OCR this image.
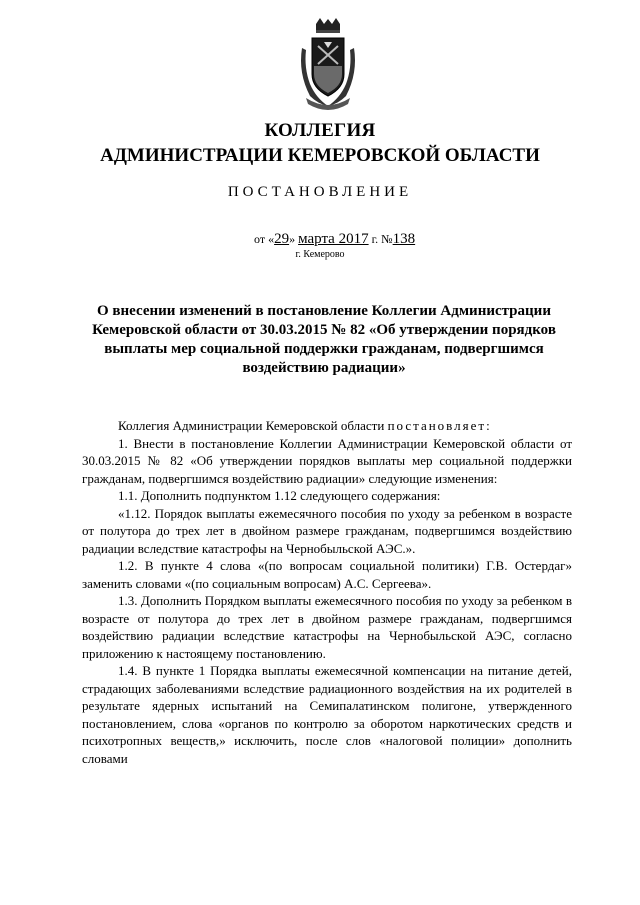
КОЛЛЕГИЯ
АДМИНИСТРАЦИИ КЕМЕРОВСКОЙ ОБЛАСТИ
ПОСТАНОВЛЕНИЕ
от «29» марта 2017 г. №138
г. Кемерово
О внесении изменений в постановление Коллегии Администрации Кемеровской области от 30.03.2015 № 82 «Об утверждении порядков выплаты мер социальной поддержки гражданам, подвергшимся воздействию радиации»

Коллегия Администрации Кемеровской области постановляет:

1. Внести в постановление Коллегии Администрации Кемеровской области от 30.03.2015 № 82 «Об утверждении порядков выплаты мер социальной поддержки гражданам, подвергшимся воздействию радиации» следующие изменения:

1.1. Дополнить подпунктом 1.12 следующего содержания:

«1.12. Порядок выплаты ежемесячного пособия по уходу за ребенком в возрасте от полутора до трех лет в двойном размере гражданам, подвергшимся воздействию радиации вследствие катастрофы на Чернобыльской АЭС.».

1.2. В пункте 4 слова «(по вопросам социальной политики) Г.В. Остердаг» заменить словами «(по социальным вопросам) А.С. Сергеева».

1.3. Дополнить Порядком выплаты ежемесячного пособия по уходу за ребенком в возрасте от полутора до трех лет в двойном размере гражданам, подвергшимся воздействию радиации вследствие катастрофы на Чернобыльской АЭС, согласно приложению к настоящему постановлению.

1.4. В пункте 1 Порядка выплаты ежемесячной компенсации на питание детей, страдающих заболеваниями вследствие радиационного воздействия на их родителей в результате ядерных испытаний на Семипалатинском полигоне, утвержденного постановлением, слова «органов по контролю за оборотом наркотических средств и психотропных веществ,» исключить, после слов «налоговой полиции» дополнить словами
